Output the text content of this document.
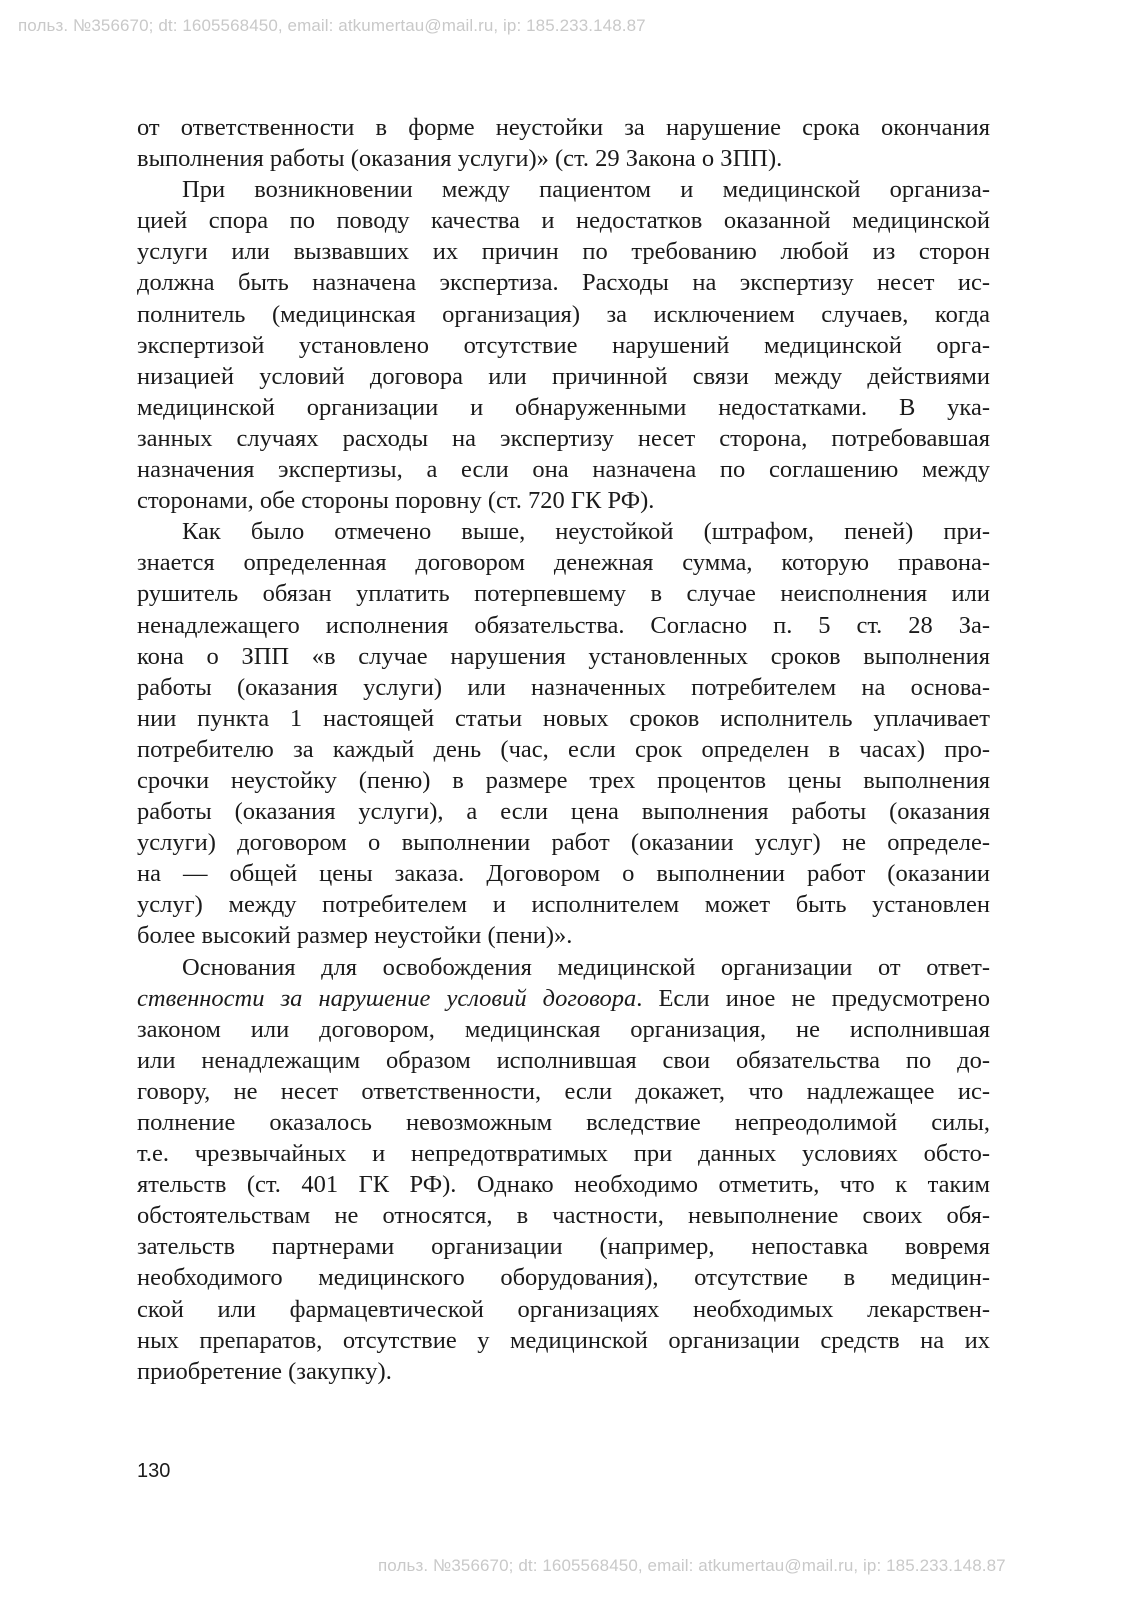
польз. №356670; dt: 1605568450, email: atkumertau@mail.ru, ip: 185.233.148.87
от ответственности в форме неустойки за нарушение срока окончания
выполнения работы (оказания услуги)» (ст. 29 Закона о ЗПП).
При возникновении между пациентом и медицинской организа-
цией спора по поводу качества и недостатков оказанной медицинской
услуги или вызвавших их причин по требованию любой из сторон
должна быть назначена экспертиза. Расходы на экспертизу несет ис-
полнитель (медицинская организация) за исключением случаев, когда
экспертизой установлено отсутствие нарушений медицинской орга-
низацией условий договора или причинной связи между действиями
медицинской организации и обнаруженными недостатками. В ука-
занных случаях расходы на экспертизу несет сторона, потребовавшая
назначения экспертизы, а если она назначена по соглашению между
сторонами, обе стороны поровну (ст. 720 ГК РФ).
Как было отмечено выше, неустойкой (штрафом, пеней) при-
знается определенная договором денежная сумма, которую правона-
рушитель обязан уплатить потерпевшему в случае неисполнения или
ненадлежащего исполнения обязательства. Согласно п. 5 ст. 28 За-
кона о ЗПП «в случае нарушения установленных сроков выполнения
работы (оказания услуги) или назначенных потребителем на основа-
нии пункта 1 настоящей статьи новых сроков исполнитель уплачивает
потребителю за каждый день (час, если срок определен в часах) про-
срочки неустойку (пеню) в размере трех процентов цены выполнения
работы (оказания услуги), а если цена выполнения работы (оказания
услуги) договором о выполнении работ (оказании услуг) не определе-
на — общей цены заказа. Договором о выполнении работ (оказании
услуг) между потребителем и исполнителем может быть установлен
более высокий размер неустойки (пени)».
Основания для освобождения медицинской организации от ответ-
ственности за нарушение условий договора. Если иное не предусмотрено
законом или договором, медицинская организация, не исполнившая
или ненадлежащим образом исполнившая свои обязательства по до-
говору, не несет ответственности, если докажет, что надлежащее ис-
полнение оказалось невозможным вследствие непреодолимой силы,
т.е. чрезвычайных и непредотвратимых при данных условиях обсто-
ятельств (ст. 401 ГК РФ). Однако необходимо отметить, что к таким
обстоятельствам не относятся, в частности, невыполнение своих обя-
зательств партнерами организации (например, непоставка вовремя
необходимого медицинского оборудования), отсутствие в медицин-
ской или фармацевтической организациях необходимых лекарствен-
ных препаратов, отсутствие у медицинской организации средств на их
приобретение (закупку).
130
польз. №356670; dt: 1605568450, email: atkumertau@mail.ru, ip: 185.233.148.87
